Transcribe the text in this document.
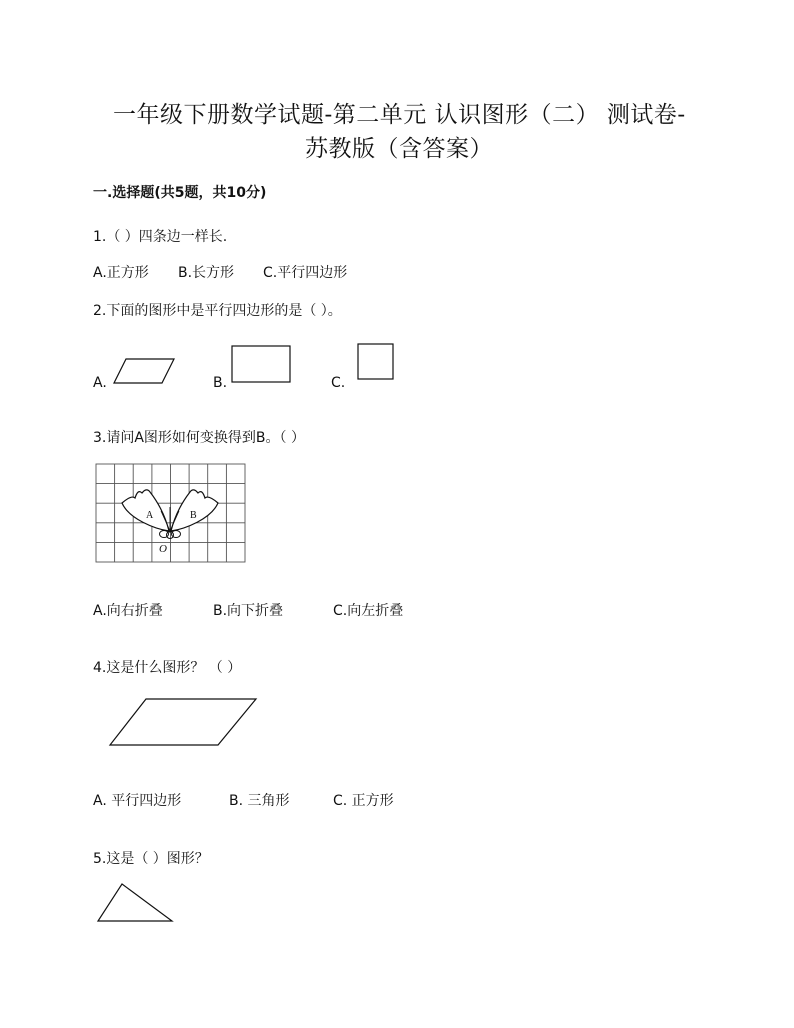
一年级下册数学试题-第二单元 认识图形（二） 测试卷-
苏教版（含答案）
一.选择题(共5题，共10分)
1.（ ）四条边一样长.
A.正方形 B.长方形 C.平行四边形
2.下面的图形中是平行四边形的是（ ）。
A.	B.	C.
3.请问A图形如何变换得到B。（ ）
A	B
O
A.向右折叠	B.向下折叠	C.向左折叠
4.这是什么图形？ （ ）
A. 平行四边形	B. 三角形	C. 正方形
5.这是（ ）图形？
